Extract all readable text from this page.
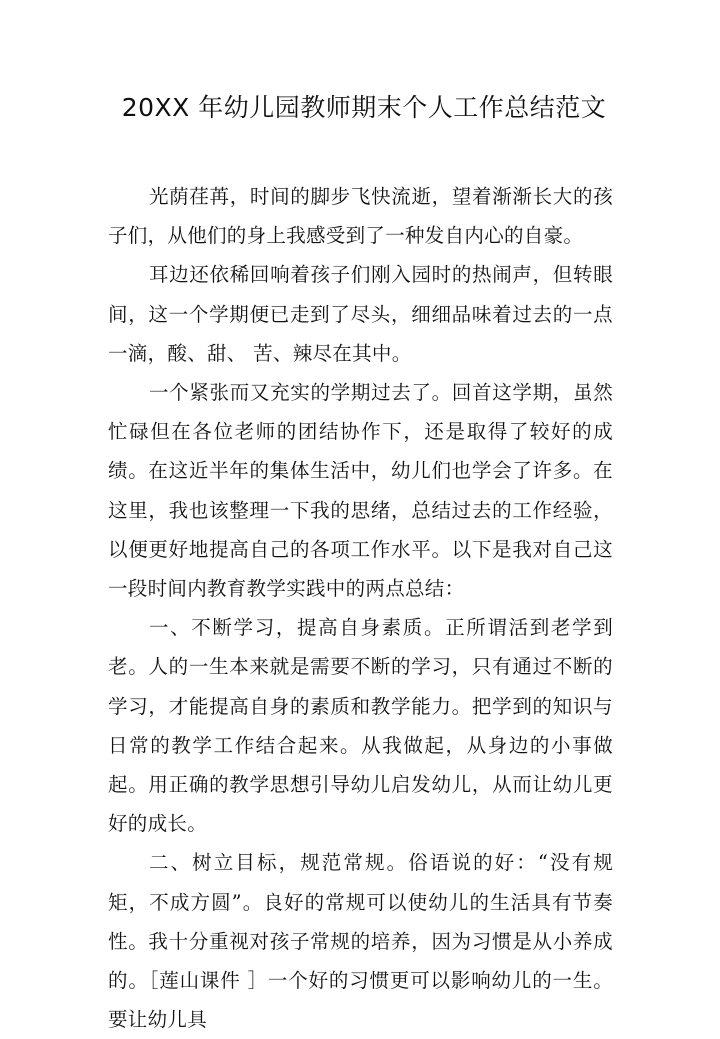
20XX 年幼儿园教师期末个人工作总结范文

光荫荏苒，时间的脚步飞快流逝，望着渐渐长大的孩子们，从他们的身上我感受到了一种发自内心的自豪。

耳边还依稀回响着孩子们刚入园时的热闹声，但转眼间，这一个学期便已走到了尽头，细细品味着过去的一点一滴，酸、甜、 苦、辣尽在其中。

一个紧张而又充实的学期过去了。回首这学期，虽然忙碌但在各位老师的团结协作下，还是取得了较好的成绩。在这近半年的集体生活中，幼儿们也学会了许多。在这里，我也该整理一下我的思绪，总结过去的工作经验，以便更好地提高自己的各项工作水平。以下是我对自己这一段时间内教育教学实践中的两点总结：

一、不断学习，提高自身素质。正所谓活到老学到老。人的一生本来就是需要不断的学习，只有通过不断的学习，才能提高自身的素质和教学能力。把学到的知识与日常的教学工作结合起来。从我做起，从身边的小事做起。用正确的教学思想引导幼儿启发幼儿，从而让幼儿更好的成长。

二、树立目标，规范常规。俗语说的好：“没有规矩，不成方圆”。良好的常规可以使幼儿的生活具有节奏性。我十分重视对孩子常规的培养，因为习惯是从小养成的。［莲山课件 ］一个好的习惯更可以影响幼儿的一生。要让幼儿具
